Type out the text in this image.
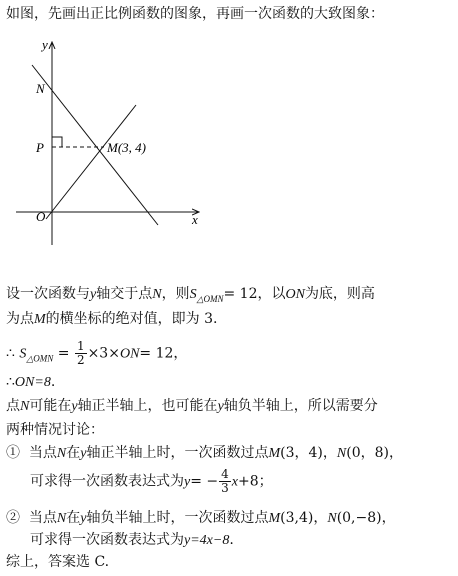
如图，先画出正比例函数的图象，再画一次函数的大致图象：
y
x
O
N
P	M(3, 4)
设一次函数与y轴交于点N，则$S_{\triangle OMN}= 12$，以ON为底，则高
为点M的横坐标的绝对值，即为 3.
∴ $S_{\triangle OMN} = \frac{1}{2} \times 3\times ON= 12$，
∴ON=8.
点N可能在y轴正半轴上，也可能在y轴负半轴上，所以需要分
两种情况讨论：
① 当点N在y轴正半轴上时，一次函数过点M(3，4)，N(0，8)，
可求得一次函数表达式为$y= - \frac{4}{3} x+8$；
② 当点N在y轴负半轴上时，一次函数过点M(3,4)，N(0,−8)，
可求得一次函数表达式为y=4x−8.
综上，答案选 C.
